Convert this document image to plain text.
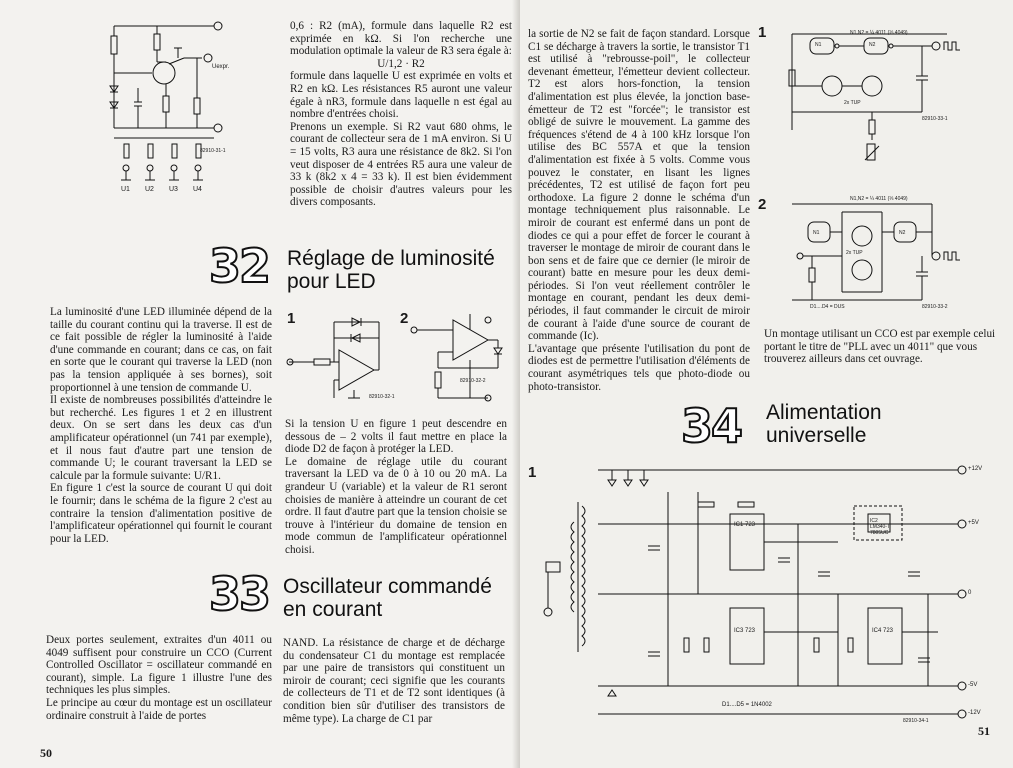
82910-31-1
Uexpr.
U1 U2 U3 U4

0,6 : R2 (mA), formule dans laquelle R2 est exprimée en kΩ. Si l'on recherche une modulation optimale la valeur de R3 sera égale à:

U/1,2 · R2

formule dans laquelle U est exprimée en volts et R2 en kΩ. Les résistances R5 auront une valeur égale à nR3, formule dans laquelle n est égal au nombre d'entrées choisi.

Prenons un exemple. Si R2 vaut 680 ohms, le courant de collecteur sera de 1 mA environ. Si U = 15 volts, R3 aura une résistance de 8k2. Si l'on veut disposer de 4 entrées R5 aura une valeur de 33 k (8k2 x 4 = 33 k). Il est bien évidemment possible de choisir d'autres valeurs pour les divers composants.

32 Réglage de luminosité
pour LED

La luminosité d'une LED illuminée dépend de la taille du courant continu qui la traverse. Il est de ce fait possible de régler la luminosité à l'aide d'une commande en courant; dans ce cas, on fait en sorte que le courant qui traverse la LED (non pas la tension appliquée à ses bornes), soit proportionnel à une tension de commande U.

Il existe de nombreuses possibilités d'atteindre le but recherché. Les figures 1 et 2 en illustrent deux. On se sert dans les deux cas d'un amplificateur opérationnel (un 741 par exemple), et il nous faut d'autre part une tension de commande U; le courant traversant la LED se calcule par la formule suivante: U/R1.

En figure 1 c'est la source de courant U qui doit le fournir; dans le schéma de la figure 2 c'est au contraire la tension d'alimentation positive de l'amplificateur opérationnel qui fournit le courant pour la LED.

1
82910-32-1
2
82910-32-2

Si la tension U en figure 1 peut descendre en dessous de – 2 volts il faut mettre en place la diode D2 de façon à protéger la LED.

Le domaine de réglage utile du courant traversant la LED va de 0 à 10 ou 20 mA. La grandeur U (variable) et la valeur de R1 seront choisies de manière à atteindre un courant de cet ordre. Il faut d'autre part que la tension choisie se trouve à l'intérieur du domaine de tension en mode commun de l'amplificateur opérationnel choisi.

33 Oscillateur commandé
en courant

Deux portes seulement, extraites d'un 4011 ou 4049 suffisent pour construire un CCO (Current Controlled Oscillator = oscillateur commandé en courant), simple. La figure 1 illustre l'une des techniques les plus simples.

Le principe au cœur du montage est un oscillateur ordinaire construit à l'aide de portes

NAND. La résistance de charge et de décharge du condensateur C1 du montage est remplacée par une paire de transistors qui constituent un miroir de courant; ceci signifie que les courants de collecteurs de T1 et de T2 sont identiques (à condition bien sûr d'utiliser des transistors de même type). La charge de C1 par

50

la sortie de N2 se fait de façon standard. Lorsque C1 se décharge à travers la sortie, le transistor T1 est utilisé à "rebrousse-poil", le collecteur devenant émetteur, l'émetteur devient collecteur. T2 est alors hors-fonction, la tension d'alimentation est plus élevée, la jonction base-émetteur de T2 est "forcée"; le transistor est obligé de suivre le mouvement. La gamme des fréquences s'étend de 4 à 100 kHz lorsque l'on utilise des BC 557A et que la tension d'alimentation est fixée à 5 volts. Comme vous pouvez le constater, en lisant les lignes précédentes, T2 est utilisé de façon fort peu orthodoxe. La figure 2 donne le schéma d'un montage techniquement plus raisonnable. Le miroir de courant est enfermé dans un pont de diodes ce qui a pour effet de forcer le courant à traverser le montage de miroir de courant dans le bon sens et de faire que ce dernier (le miroir de courant) batte en mesure pour les deux demi-périodes. Si l'on veut réellement contrôler le montage en courant, pendant les deux demi-périodes, il faut commander le circuit de miroir de courant à l'aide d'une source de courant de commande (Ic).

L'avantage que présente l'utilisation du pont de diodes est de permettre l'utilisation d'éléments de courant asymétriques tels que photo-diode ou photo-transistor.

1	N1,N2 = ¼ 4011 (⅓ 4049)
N1	N2
2x TUP
82910-33-1
2	N1,N2 = ¼ 4011 (⅓ 4049)
N1	N2
2x TUP
D1....D4 = DUS	82910-33-2
Un montage utilisant un CCO est par exemple celui portant le titre de "PLL avec un 4011" que vous trouverez ailleurs dans cet ouvrage.
34 Alimentation
universelle
1
IC1 723
IC2 LM340-T 7805UC
IC3 723	IC4 723
+12V
+5V
0
-5V
-12V
D1....D5 = 1N4002
82910-34-1
51
